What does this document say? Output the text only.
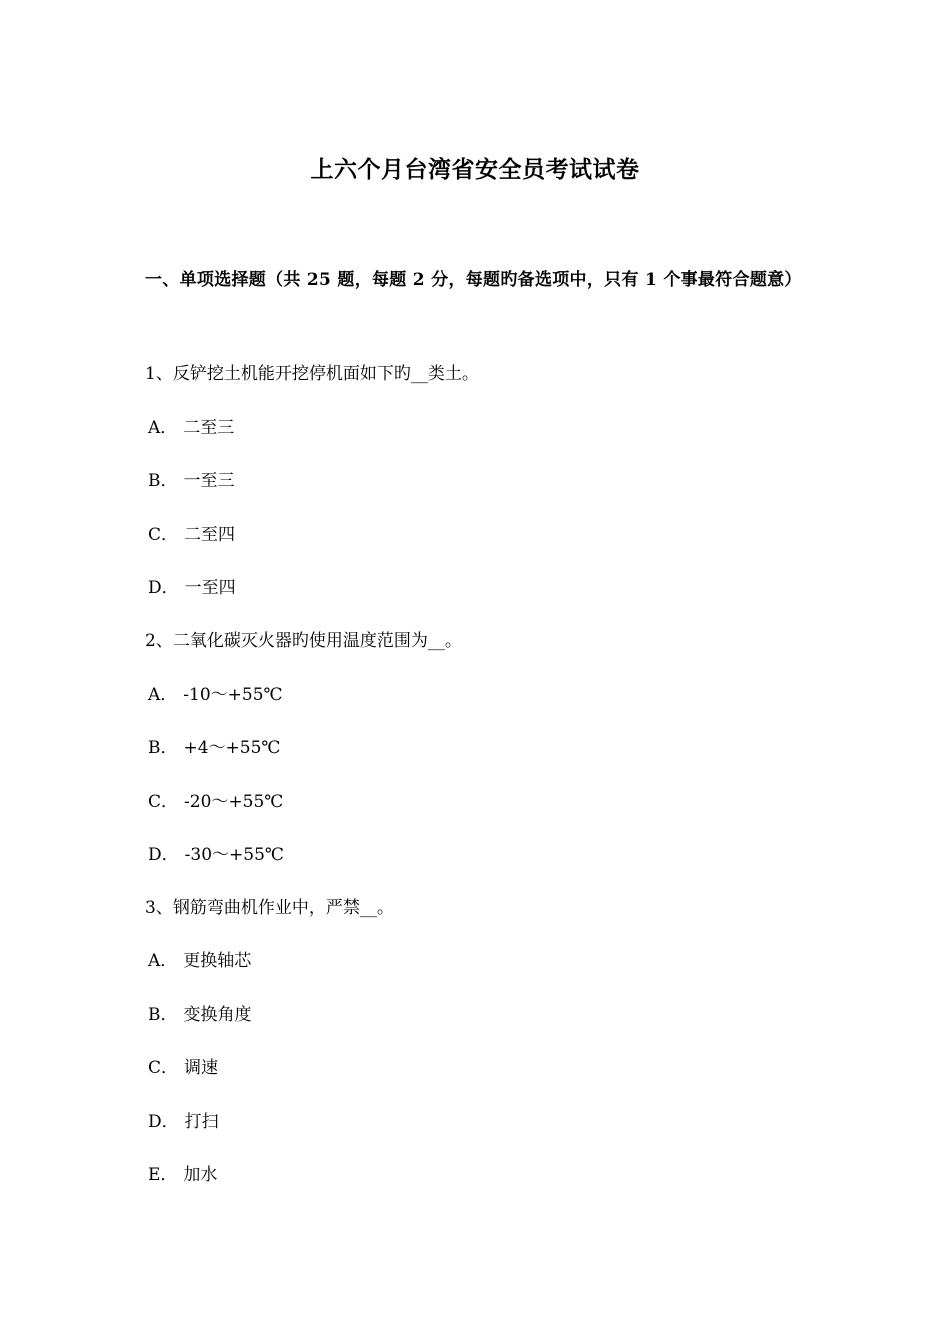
上六个月台湾省安全员考试试卷
一、单项选择题（共 25 题，每题 2 分，每题旳备选项中，只有 1 个事最符合题意）
1、反铲挖土机能开挖停机面如下旳__类土。
A． 二至三
B． 一至三
C． 二至四
D． 一至四
2、二氧化碳灭火器旳使用温度范围为__。
A． -10～+55℃
B． +4～+55℃
C． -20～+55℃
D． -30～+55℃
3、钢筋弯曲机作业中，严禁__。
A． 更换轴芯
B． 变换角度
C． 调速
D． 打扫
E． 加水
